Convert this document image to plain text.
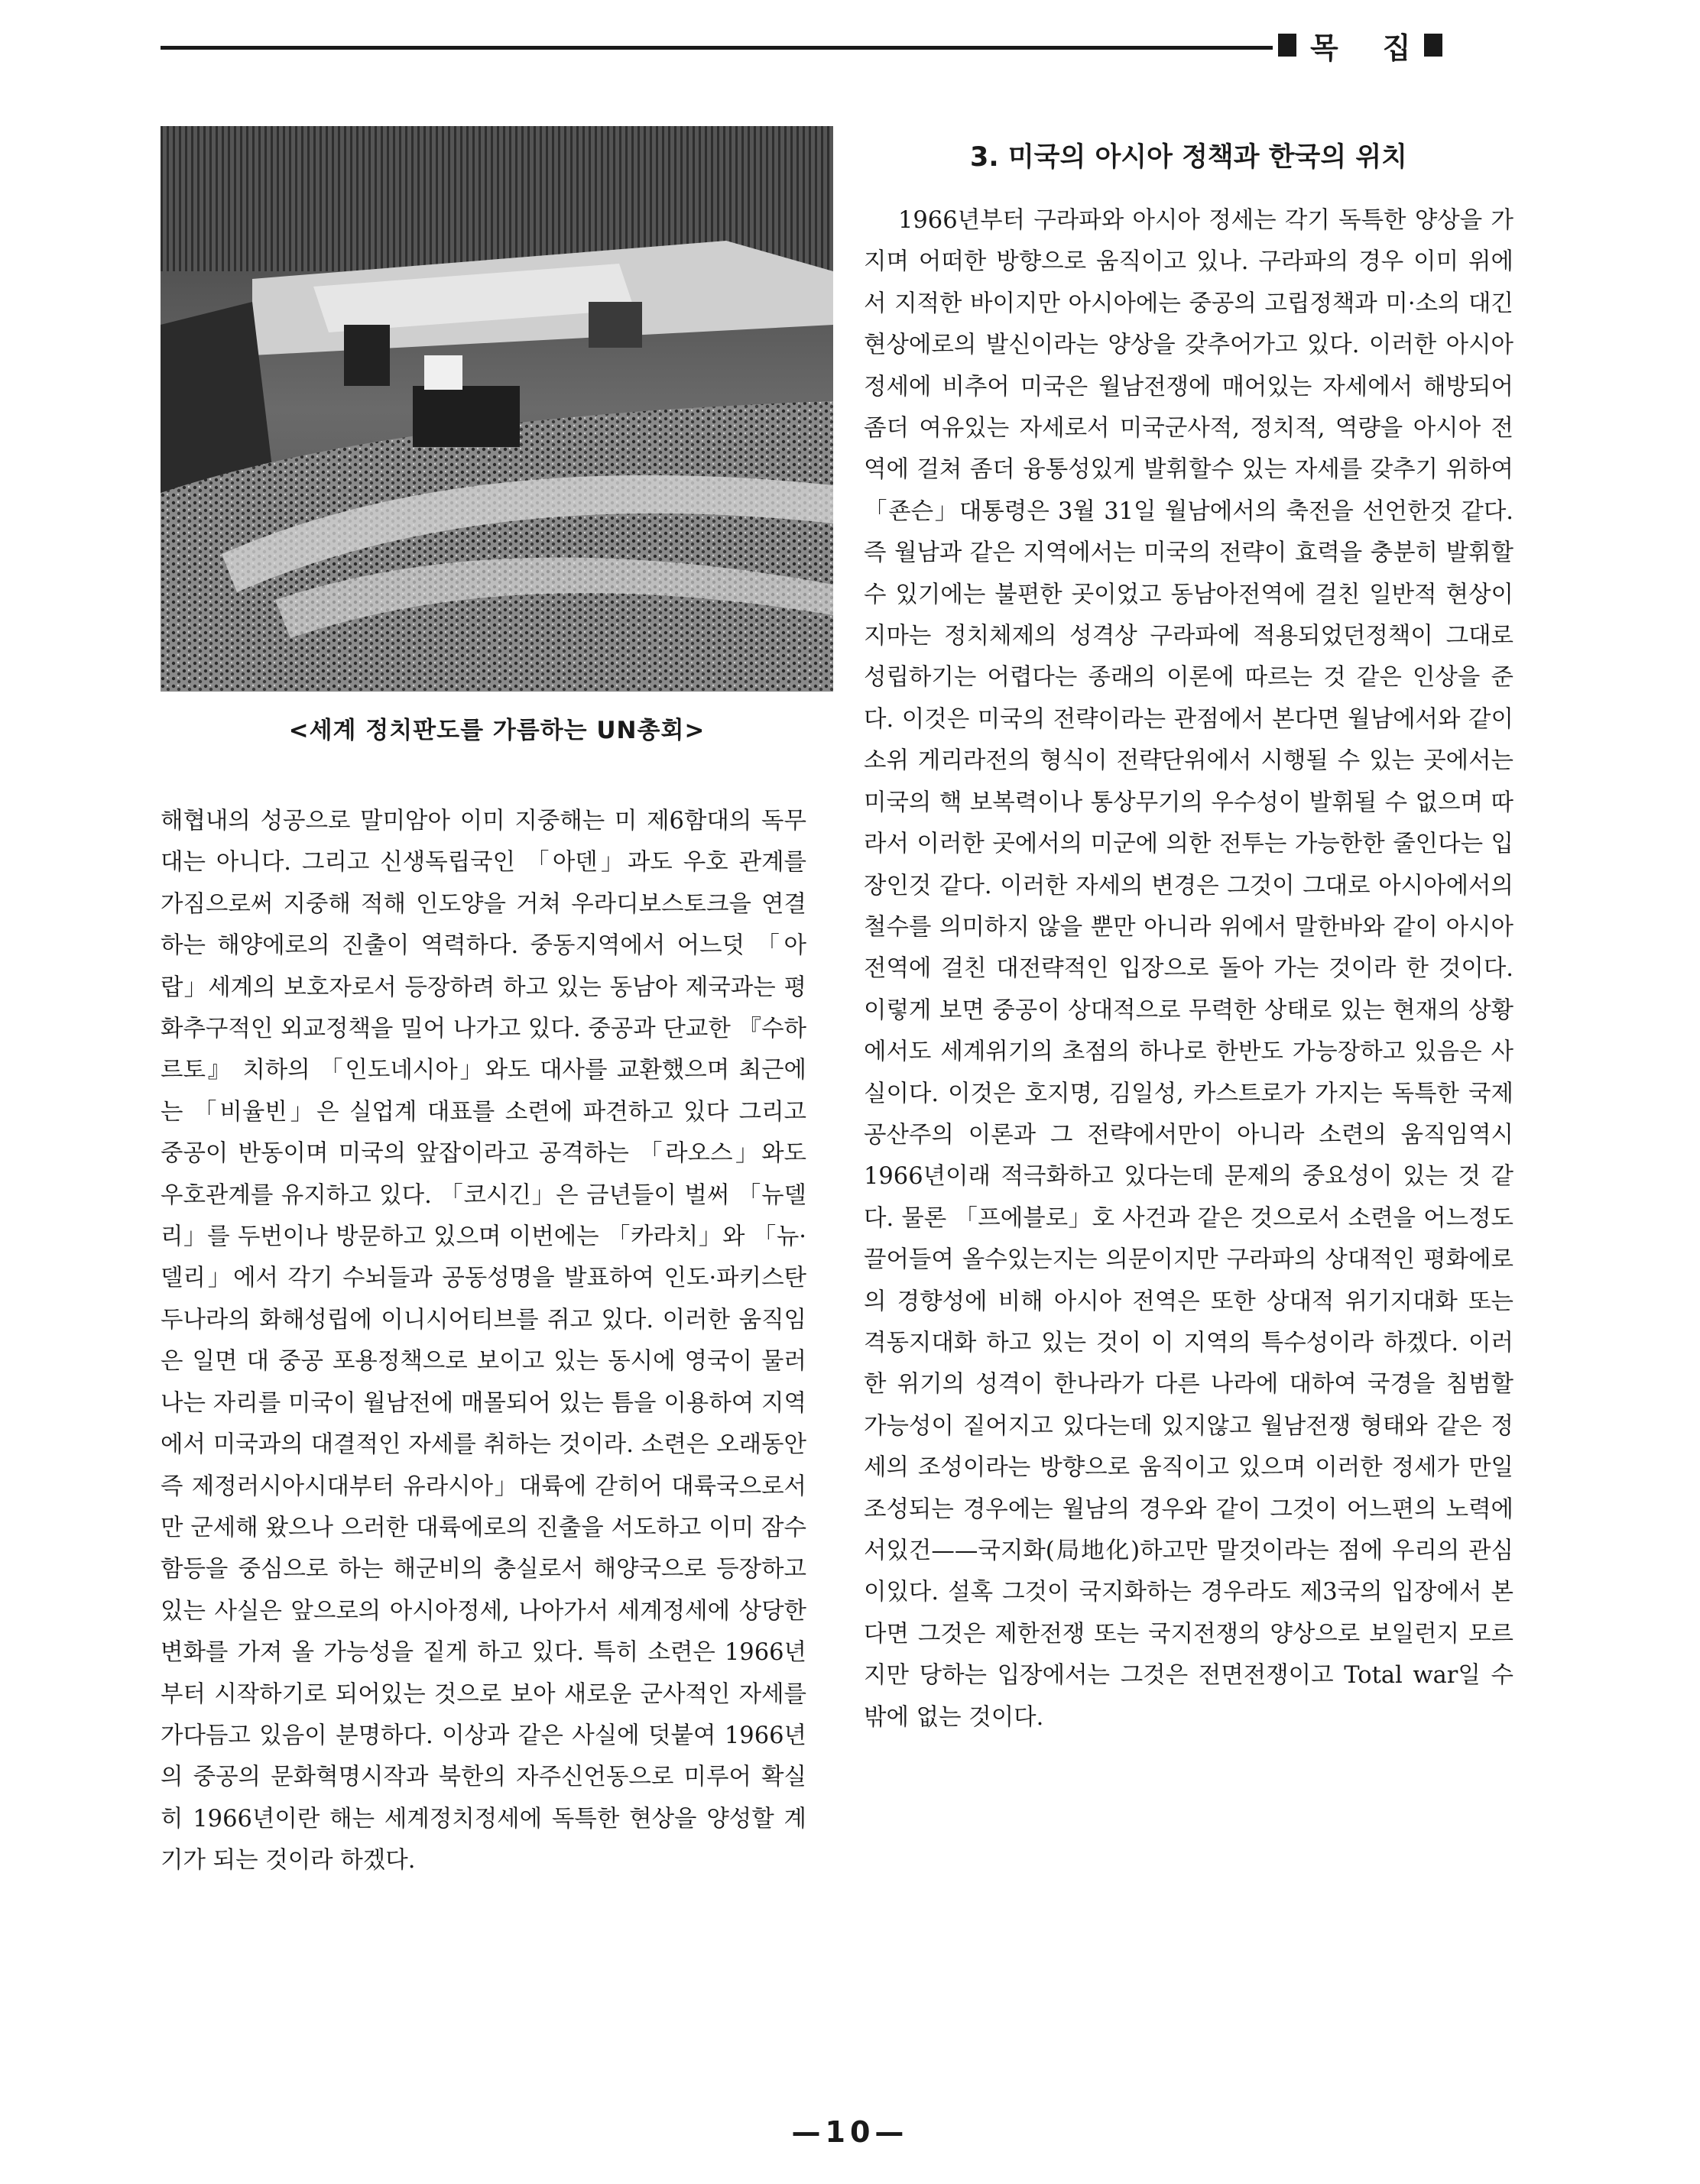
목 집
<세계 정치판도를 가름하는 UN총회>
3. 미국의 아시아 정책과 한국의 위치

해협내의 성공으로 말미암아 이미 지중해는 미 제6함대의 독무대는 아니다. 그리고 신생독립국인 「아덴」과도 우호 관계를 가짐으로써 지중해 적해 인도양을 거쳐 우라디보스토크을 연결하는 해양에로의 진출이 역력하다. 중동지역에서 어느덧 「아랍」세계의 보호자로서 등장하려 하고 있는 동남아 제국과는 평화추구적인 외교정책을 밀어 나가고 있다. 중공과 단교한 『수하르토』 치하의 「인도네시아」와도 대사를 교환했으며 최근에는 「비율빈」은 실업계 대표를 소련에 파견하고 있다 그리고 중공이 반동이며 미국의 앞잡이라고 공격하는 「라오스」와도 우호관계를 유지하고 있다. 「코시긴」은 금년들이 벌써 「뉴델리」를 두번이나 방문하고 있으며 이번에는 「카라치」와 「뉴·델리」에서 각기 수뇌들과 공동성명을 발표하여 인도·파키스탄 두나라의 화해성립에 이니시어티브를 쥐고 있다. 이러한 움직임은 일면 대 중공 포용정책으로 보이고 있는 동시에 영국이 물러나는 자리를 미국이 월남전에 매몰되어 있는 틈을 이용하여 지역에서 미국과의 대결적인 자세를 취하는 것이라. 소련은 오래동안 즉 제정러시아시대부터 유라시아」대륙에 갇히어 대륙국으로서만 군세해 왔으나 으러한 대륙에로의 진출을 서도하고 이미 잠수함등을 중심으로 하는 해군비의 충실로서 해양국으로 등장하고 있는 사실은 앞으로의 아시아정세, 나아가서 세계정세에 상당한 변화를 가져 올 가능성을 짙게 하고 있다. 특히 소련은 1966년부터 시작하기로 되어있는 것으로 보아 새로운 군사적인 자세를 가다듬고 있음이 분명하다. 이상과 같은 사실에 덧붙여 1966년의 중공의 문화혁명시작과 북한의 자주신언동으로 미루어 확실히 1966년이란 해는 세계정치정세에 독특한 현상을 양성할 계기가 되는 것이라 하겠다.

1966년부터 구라파와 아시아 정세는 각기 독특한 양상을 가지며 어떠한 방향으로 움직이고 있나. 구라파의 경우 이미 위에서 지적한 바이지만 아시아에는 중공의 고립정책과 미·소의 대긴현상에로의 발신이라는 양상을 갖추어가고 있다. 이러한 아시아정세에 비추어 미국은 월남전쟁에 매어있는 자세에서 해방되어 좀더 여유있는 자세로서 미국군사적, 정치적, 역량을 아시아 전역에 걸쳐 좀더 융통성있게 발휘할수 있는 자세를 갖추기 위하여 「죤슨」대통령은 3월 31일 월남에서의 축전을 선언한것 같다. 즉 월남과 같은 지역에서는 미국의 전략이 효력을 충분히 발휘할수 있기에는 불편한 곳이었고 동남아전역에 걸친 일반적 현상이지마는 정치체제의 성격상 구라파에 적용되었던정책이 그대로 성립하기는 어렵다는 종래의 이론에 따르는 것 같은 인상을 준다. 이것은 미국의 전략이라는 관점에서 본다면 월남에서와 같이 소위 게리라전의 형식이 전략단위에서 시행될 수 있는 곳에서는 미국의 핵 보복력이나 통상무기의 우수성이 발휘될 수 없으며 따라서 이러한 곳에서의 미군에 의한 전투는 가능한한 줄인다는 입장인것 같다. 이러한 자세의 변경은 그것이 그대로 아시아에서의 철수를 의미하지 않을 뿐만 아니라 위에서 말한바와 같이 아시아 전역에 걸친 대전략적인 입장으로 돌아 가는 것이라 한 것이다. 이렇게 보면 중공이 상대적으로 무력한 상태로 있는 현재의 상황에서도 세계위기의 초점의 하나로 한반도 가능장하고 있음은 사실이다. 이것은 호지명, 김일성, 카스트로가 가지는 독특한 국제공산주의 이론과 그 전략에서만이 아니라 소련의 움직임역시 1966년이래 적극화하고 있다는데 문제의 중요성이 있는 것 같다. 물론 「프에블로」호 사건과 같은 것으로서 소련을 어느정도 끌어들여 올수있는지는 의문이지만 구라파의 상대적인 평화에로의 경향성에 비해 아시아 전역은 또한 상대적 위기지대화 또는 격동지대화 하고 있는 것이 이 지역의 특수성이라 하겠다. 이러한 위기의 성격이 한나라가 다른 나라에 대하여 국경을 침범할 가능성이 짙어지고 있다는데 있지않고 월남전쟁 형태와 같은 정세의 조성이라는 방향으로 움직이고 있으며 이러한 정세가 만일 조성되는 경우에는 월남의 경우와 같이 그것이 어느편의 노력에서있건——국지화(局地化)하고만 말것이라는 점에 우리의 관심이있다. 설혹 그것이 국지화하는 경우라도 제3국의 입장에서 본다면 그것은 제한전쟁 또는 국지전쟁의 양상으로 보일런지 모르지만 당하는 입장에서는 그것은 전면전쟁이고 Total war일 수밖에 없는 것이다.

—10—
